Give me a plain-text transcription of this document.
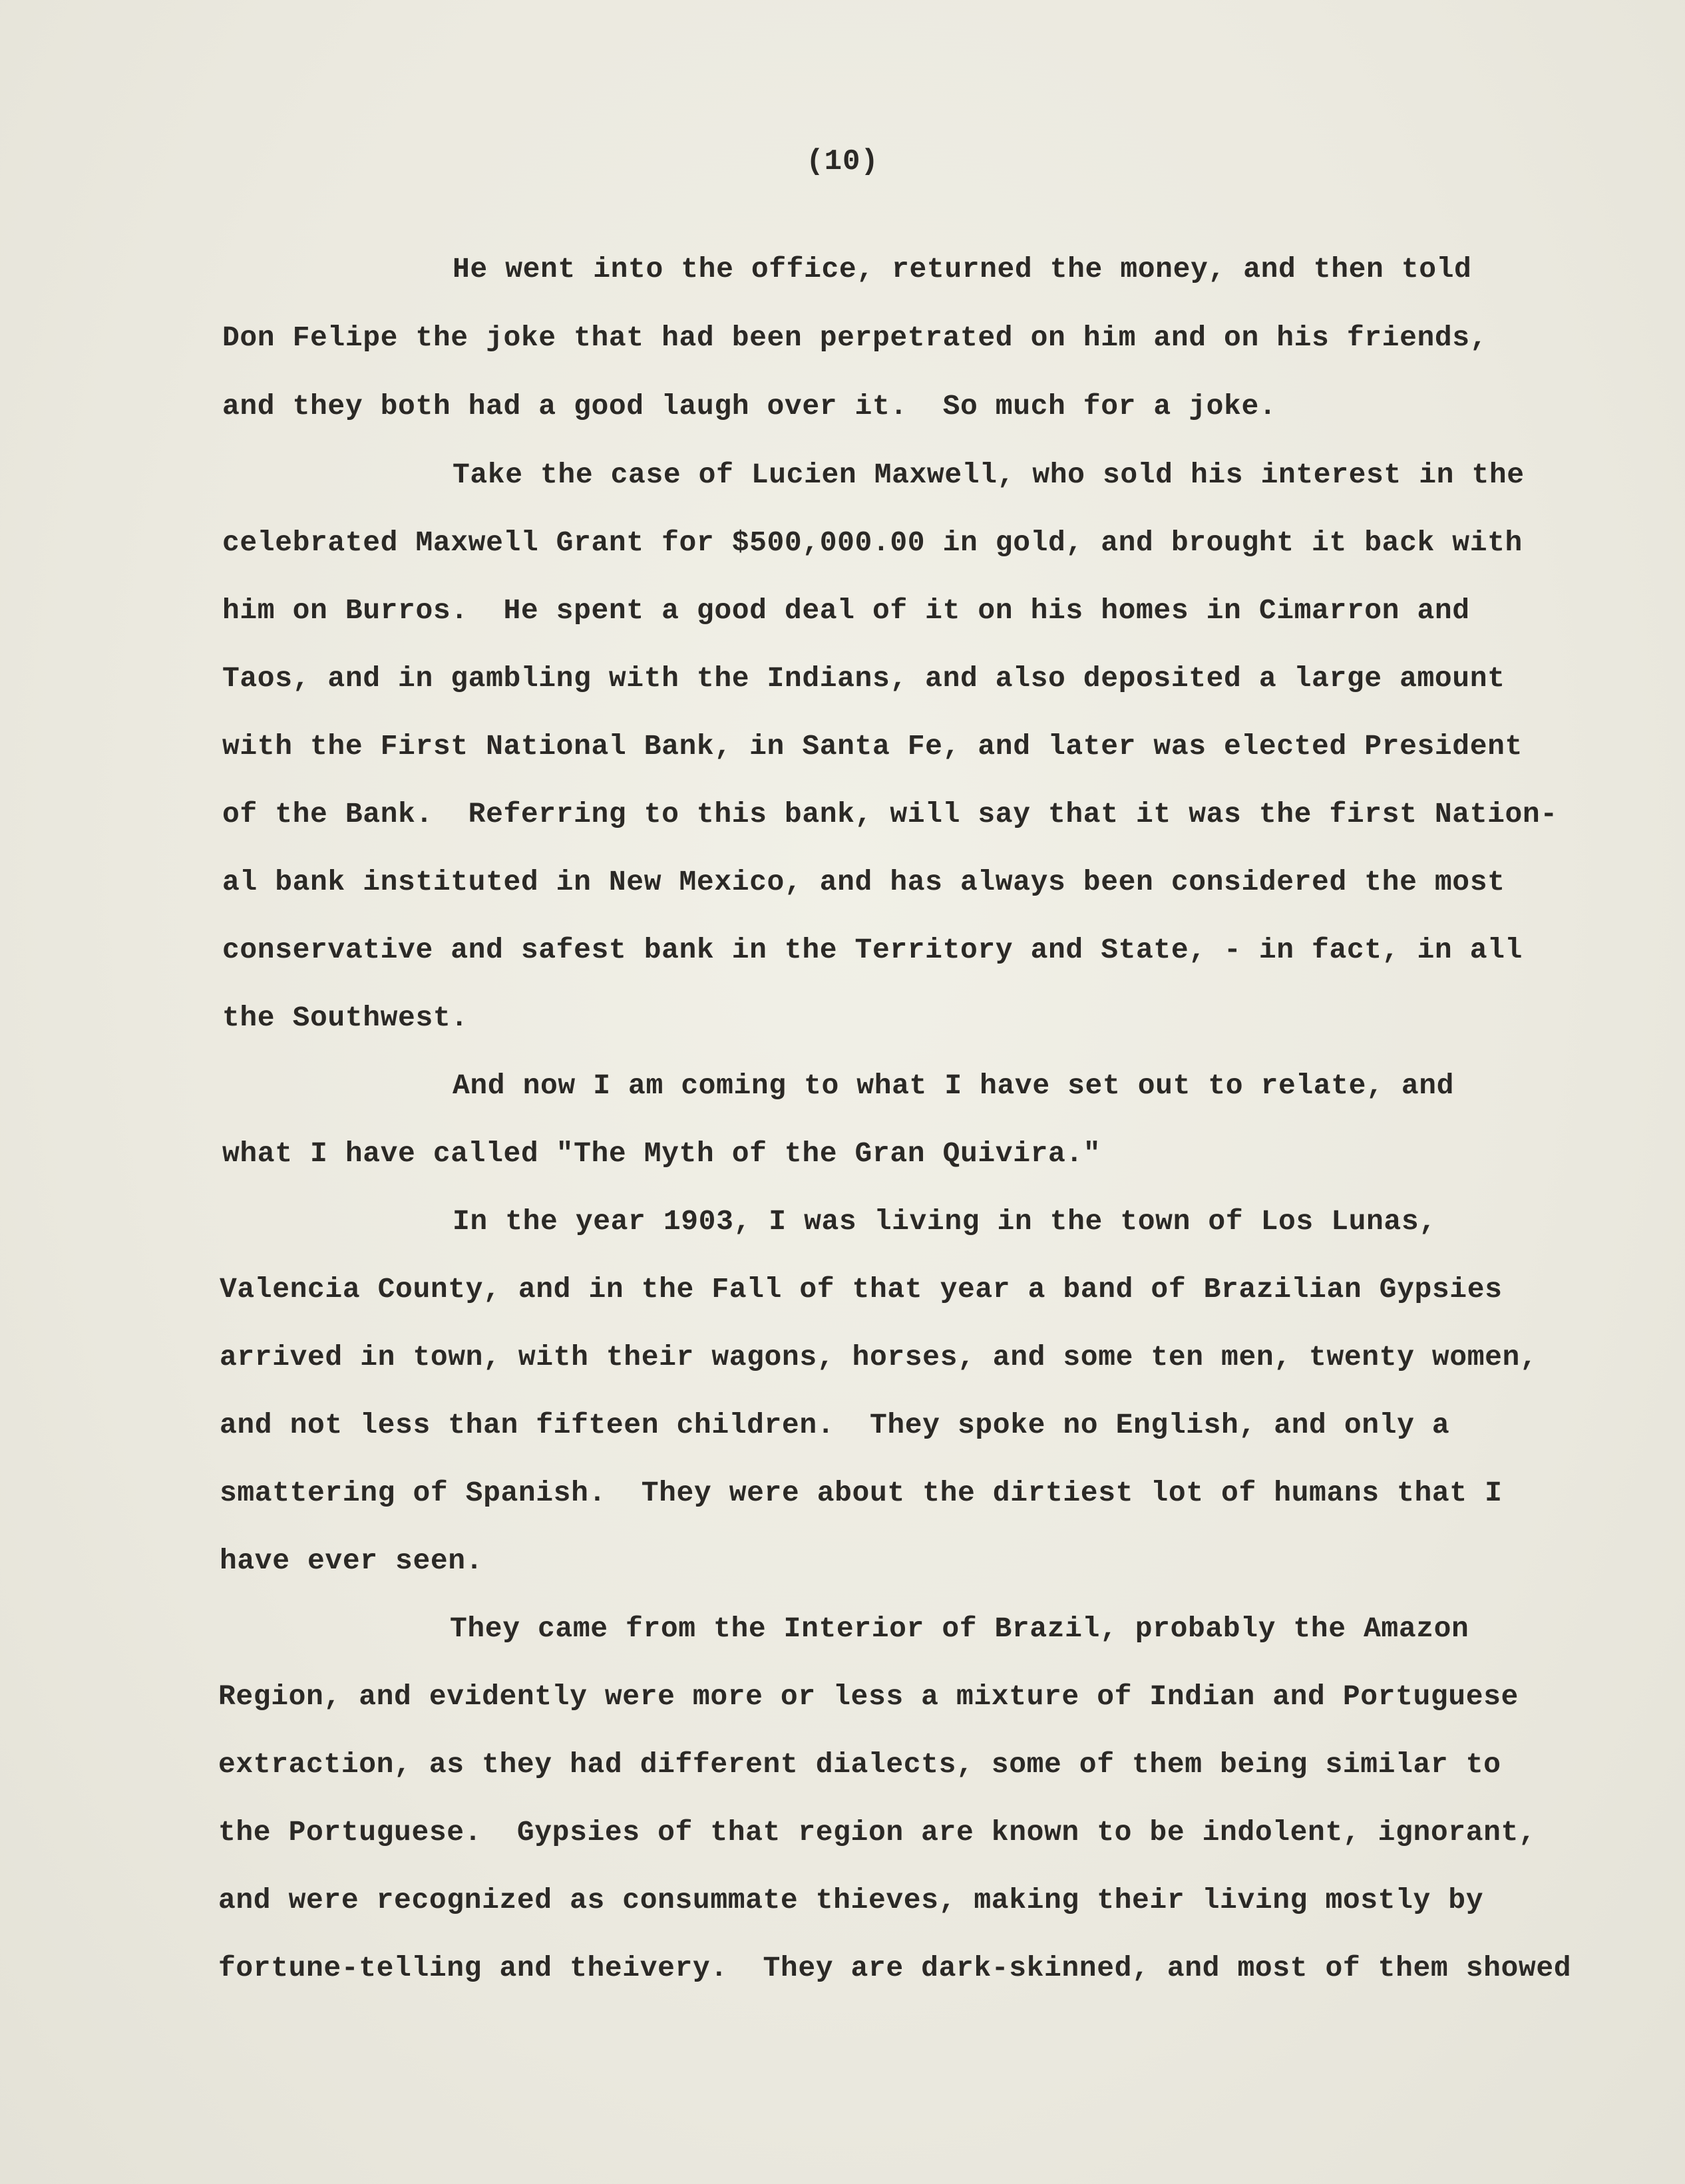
(10)
He went into the office, returned the money, and then told
Don Felipe the joke that had been perpetrated on him and on his friends,
and they both had a good laugh over it.  So much for a joke.
Take the case of Lucien Maxwell, who sold his interest in the
celebrated Maxwell Grant for $500,000.00 in gold, and brought it back with
him on Burros.  He spent a good deal of it on his homes in Cimarron and
Taos, and in gambling with the Indians, and also deposited a large amount
with the First National Bank, in Santa Fe, and later was elected President
of the Bank.  Referring to this bank, will say that it was the first Nation-
al bank instituted in New Mexico, and has always been considered the most
conservative and safest bank in the Territory and State, - in fact, in all
the Southwest.
And now I am coming to what I have set out to relate, and
what I have called "The Myth of the Gran Quivira."
In the year 1903, I was living in the town of Los Lunas,
Valencia County, and in the Fall of that year a band of Brazilian Gypsies
arrived in town, with their wagons, horses, and some ten men, twenty women,
and not less than fifteen children.  They spoke no English, and only a
smattering of Spanish.  They were about the dirtiest lot of humans that I
have ever seen.
They came from the Interior of Brazil, probably the Amazon
Region, and evidently were more or less a mixture of Indian and Portuguese
extraction, as they had different dialects, some of them being similar to
the Portuguese.  Gypsies of that region are known to be indolent, ignorant,
and were recognized as consummate thieves, making their living mostly by
fortune-telling and theivery.  They are dark-skinned, and most of them showed
